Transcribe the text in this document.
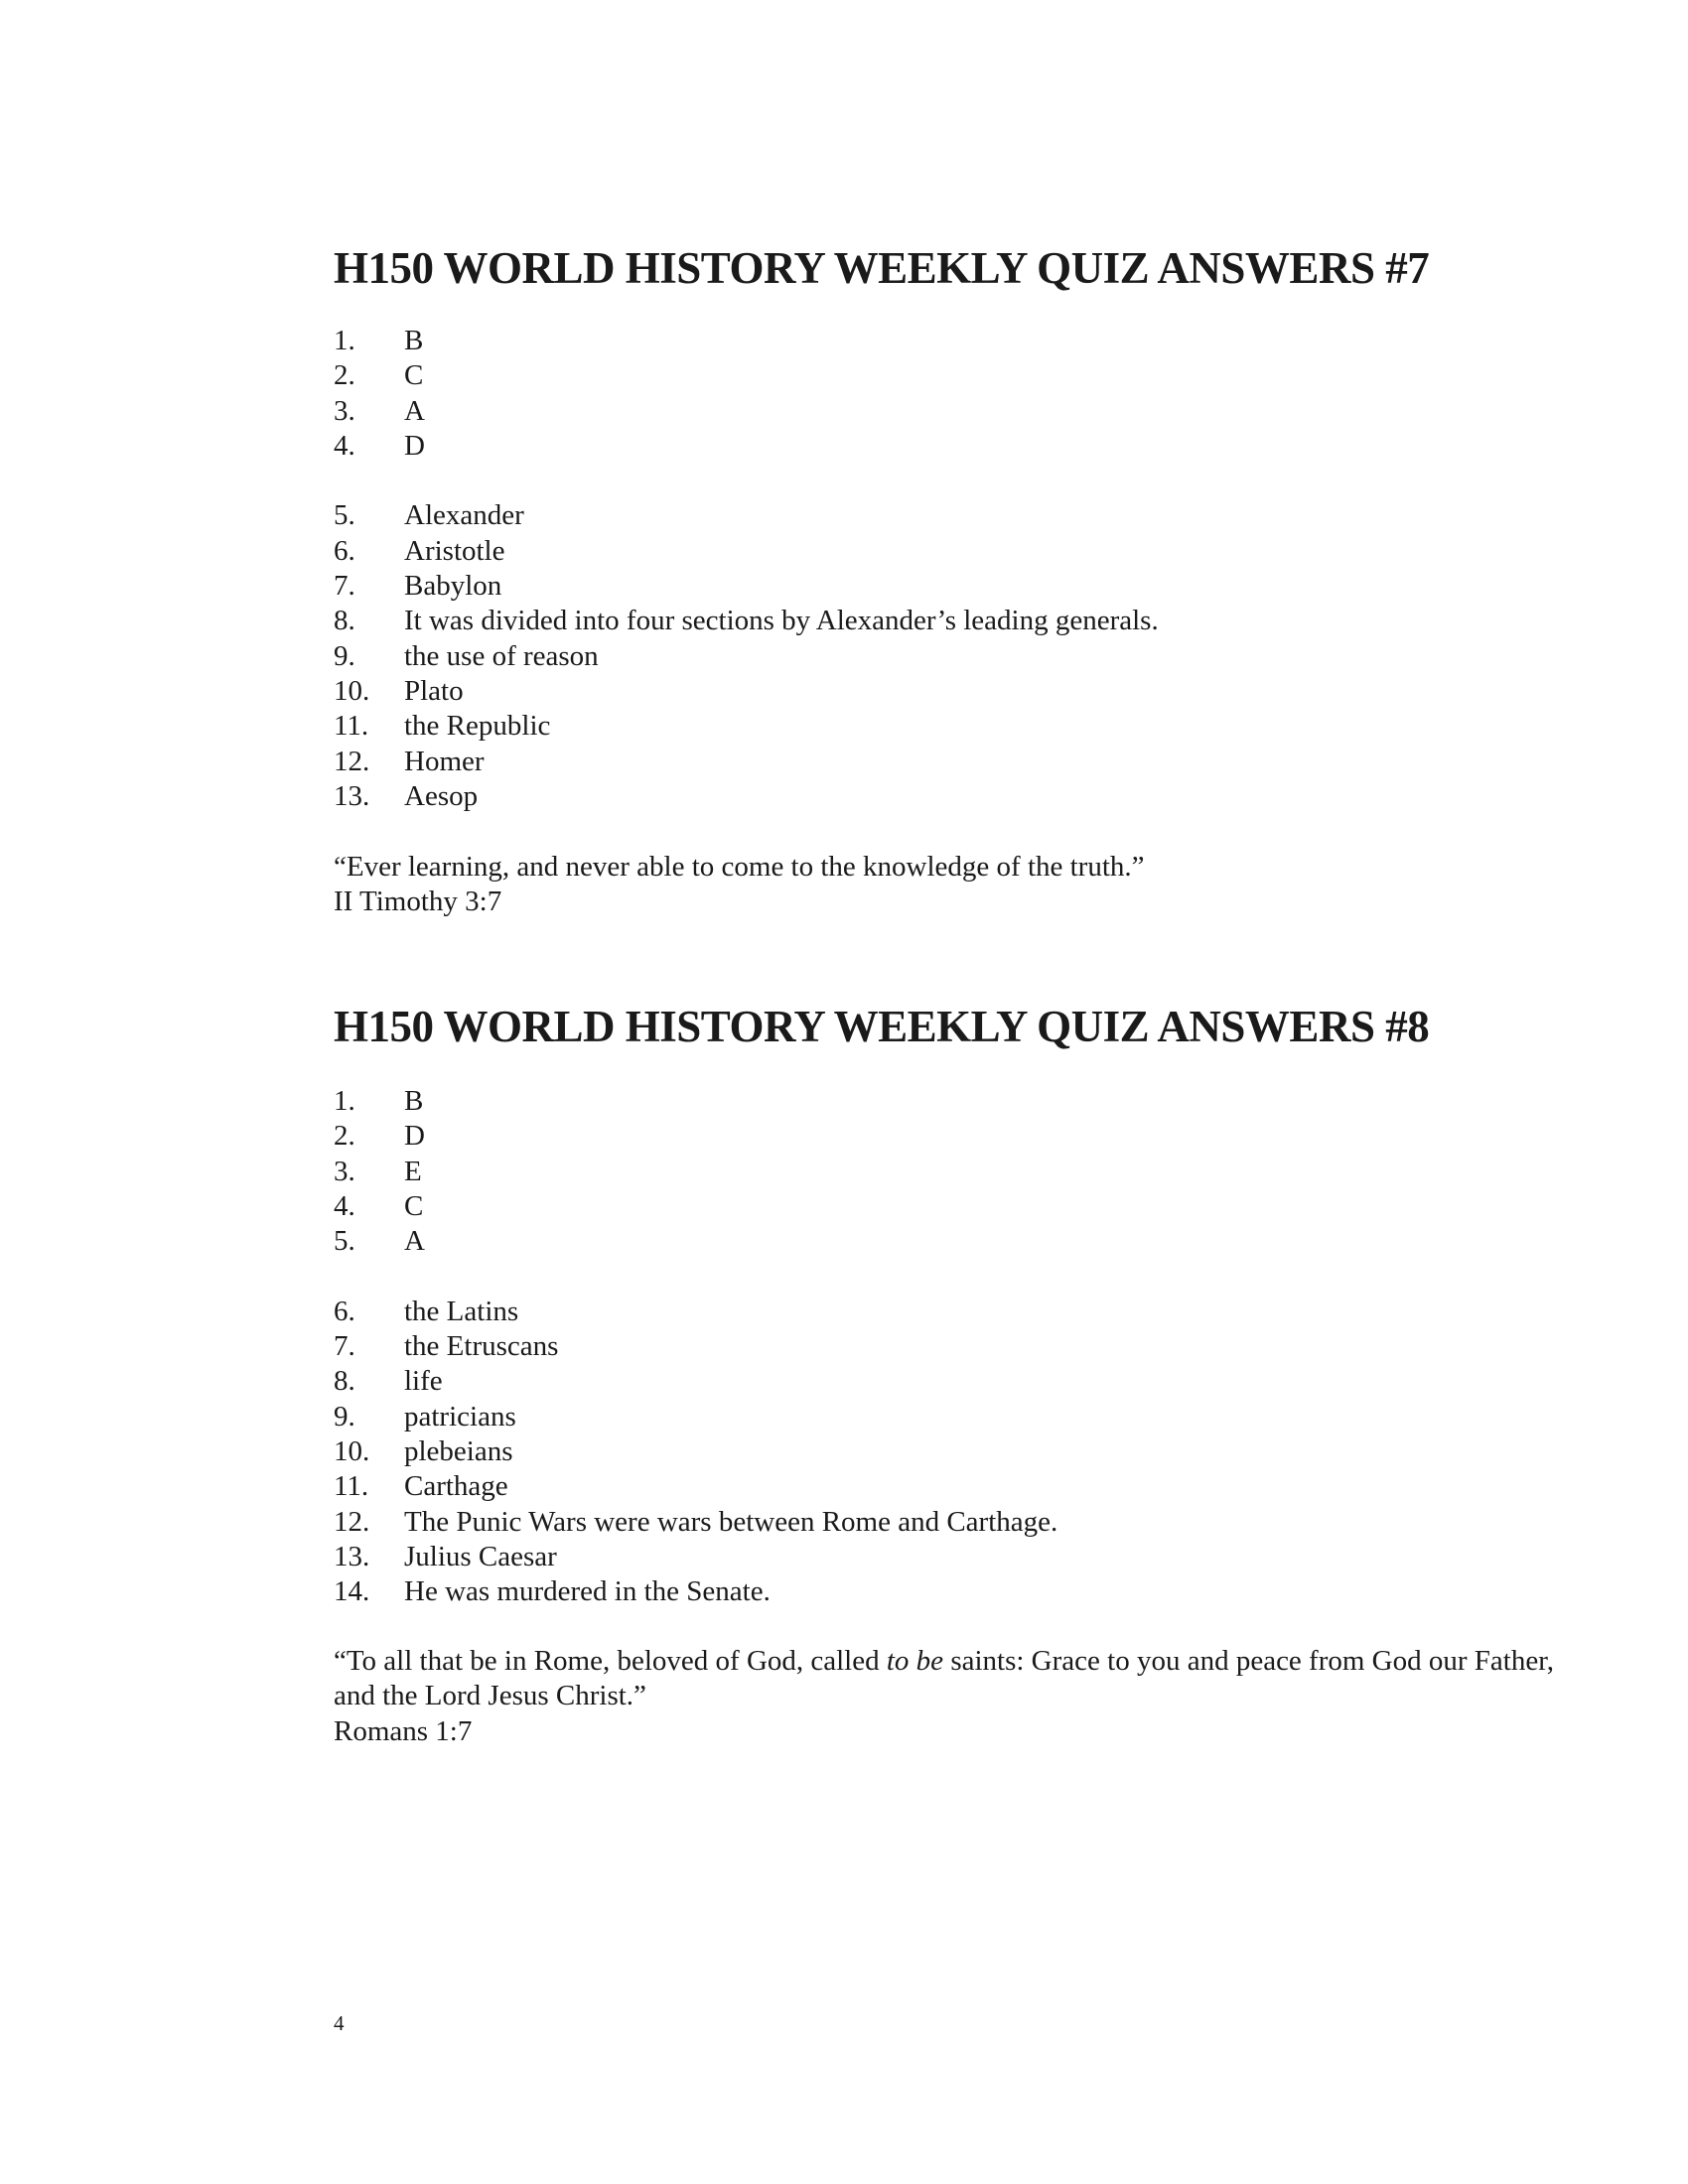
H150 WORLD HISTORY WEEKLY QUIZ ANSWERS #7
1.	B
2.	C
3.	A
4.	D
5.	Alexander
6.	Aristotle
7.	Babylon
8.	It was divided into four sections by Alexander’s leading generals.
9.	the use of reason
10.	Plato
11.	the Republic
12.	Homer
13.	Aesop
“Ever learning, and never able to come to the knowledge of the truth.”
II Timothy 3:7
H150 WORLD HISTORY WEEKLY QUIZ ANSWERS #8
1.	B
2.	D
3.	E
4.	C
5.	A
6.	the Latins
7.	the Etruscans
8.	life
9.	patricians
10.	plebeians
11.	Carthage
12.	The Punic Wars were wars between Rome and Carthage.
13.	Julius Caesar
14.	He was murdered in the Senate.
“To all that be in Rome, beloved of God, called to be saints: Grace to you and peace from God our Father, and the Lord Jesus Christ.”
Romans 1:7
4
